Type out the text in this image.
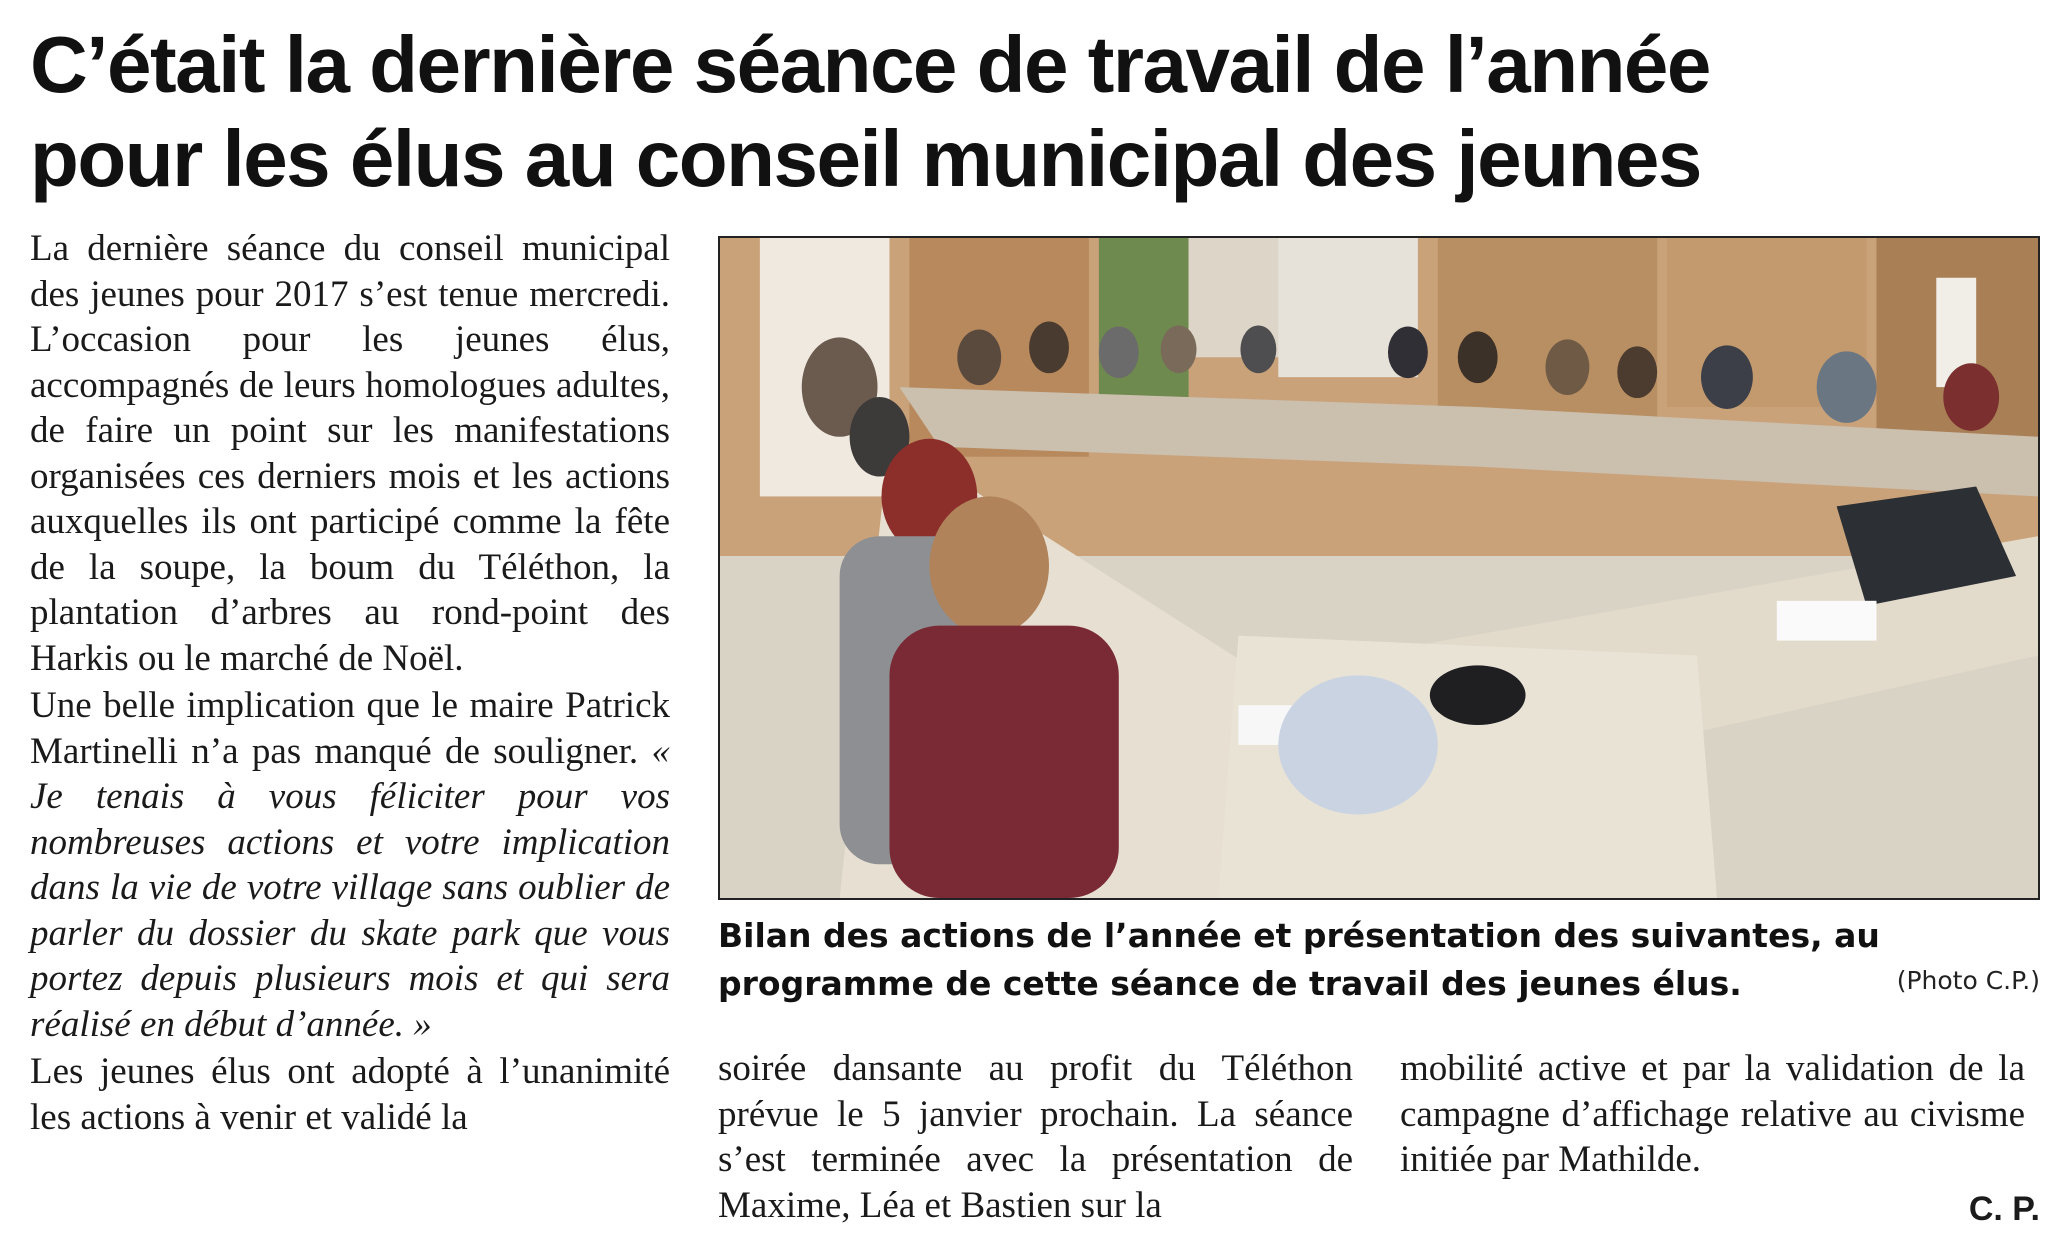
C’était la dernière séance de travail de l’année
pour les élus au conseil municipal des jeunes

La dernière séance du conseil municipal des jeunes pour 2017 s’est tenue mercredi. L’occasion pour les jeunes élus, accompagnés de leurs homologues adultes, de faire un point sur les manifestations organisées ces derniers mois et les actions auxquelles ils ont participé comme la fête de la soupe, la boum du Téléthon, la plantation d’arbres au rond-point des Harkis ou le marché de Noël.

Une belle implication que le maire Patrick Martinelli n’a pas manqué de souligner. « Je tenais à vous féliciter pour vos nombreuses actions et votre implication dans la vie de votre village sans oublier de parler du dossier du skate park que vous portez depuis plusieurs mois et qui sera réalisé en début d’année. »

Les jeunes élus ont adopté à l’unanimité les actions à venir et validé la

Bilan des actions de l’année et présentation des suivantes, au programme de cette séance de travail des jeunes élus.	(Photo C.P.)

soirée dansante au profit du Téléthon prévue le 5 janvier prochain. La séance s’est terminée avec la présentation de Maxime, Léa et Bastien sur la

mobilité active et par la validation de la campagne d’affichage relative au civisme initiée par Mathilde.

C. P.
